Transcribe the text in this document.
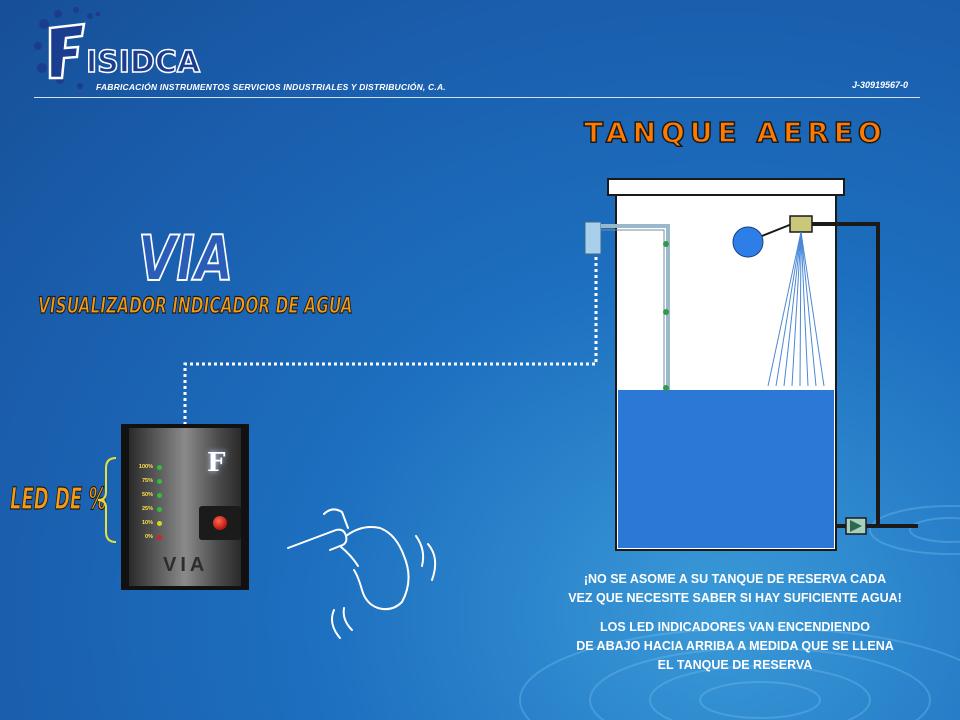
ISIDCA
FABRICACIÓN INSTRUMENTOS SERVICIOS INDUSTRIALES Y DISTRIBUCIÓN, C.A.	J-30919567-0
TANQUE AEREO
VIA
VISUALIZADOR INDICADOR DE AGUA
LED DE %
100%
75%
50%
25%
10%
0%
F
VIA
¡NO SE ASOME A SU TANQUE DE RESERVA CADA
VEZ QUE NECESITE SABER SI HAY SUFICIENTE AGUA!
LOS LED INDICADORES VAN ENCENDIENDO
DE ABAJO HACIA ARRIBA A MEDIDA QUE SE LLENA
EL TANQUE DE RESERVA
